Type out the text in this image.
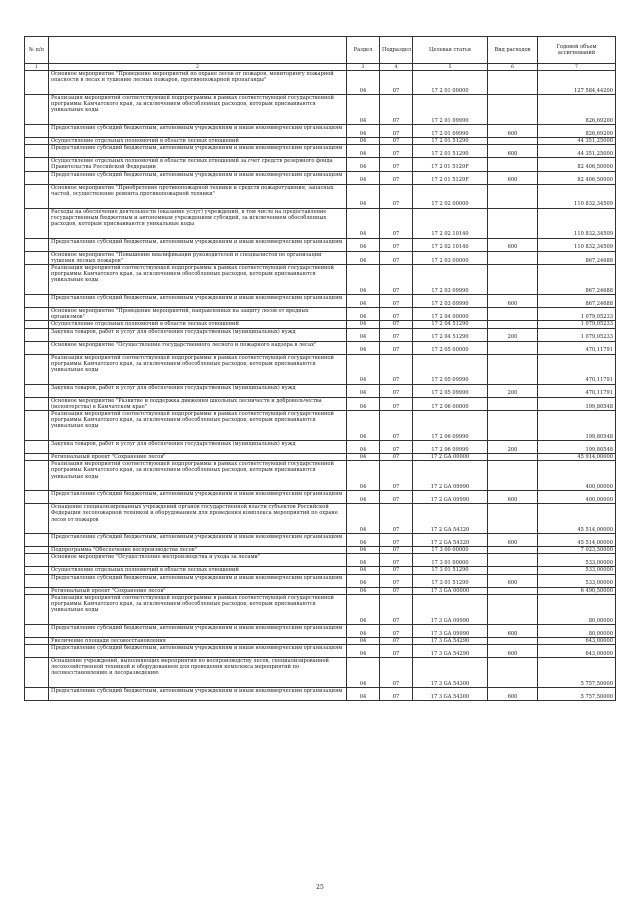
№ п/п		Раздел	Подраздел	Целевая статья	Вид расходов	Годовой объем ассигнований
1	2	3	4	5	6	7
	Основное мероприятие "Проведение мероприятий по охране лесов от пожаров, мониторингу пожарной опасности в лесах и тушению лесных пожаров, противопожарной пропаганды"	04	07	17 2 01 00000		127 584,44200
	Реализация мероприятий соответствующей подпрограммы в рамках соответствующей государственной программы Камчатского края, за исключением обособленных расходов, которым присваиваются уникальные коды	04	07	17 2 01 09990		826,69200
	Предоставление субсидий бюджетным, автономным учреждениям и иным некоммерческим организациям	04	07	17 2 01 09990	600	826,69200
	Осуществление отдельных полномочий в области лесных отношений	04	07	17 2 01 51290		44 351,25000
	Предоставление субсидий бюджетным, автономным учреждениям и иным некоммерческим организациям	04	07	17 2 01 51290	600	44 351,25000
	Осуществление отдельных полномочий в области лесных отношений за счет средств резервного фонда Правительства Российской Федерации	04	07	17 2 01 5129F		82 406,50000
	Предоставление субсидий бюджетным, автономным учреждениям и иным некоммерческим организациям	04	07	17 2 01 5129F	600	82 406,50000
	Основное мероприятие "Приобретение противопожарной техники и средств пожаротушения, запасных частей, осуществление ремонта противопожарной техники"	04	07	17 2 02 00000		110 832,34509
	Расходы на обеспечение деятельности (оказание услуг) учреждений, в том числе на предоставление государственным бюджетным и автономным учреждениям субсидий, за исключением обособленных расходов, которым присваиваются уникальные коды	04	07	17 2 02 10140		110 832,34509
	Предоставление субсидий бюджетным, автономным учреждениям и иным некоммерческим организациям	04	07	17 2 02 10140	600	110 832,34509
	Основное мероприятие "Повышение квалификации руководителей и специалистов по организации тушения лесных пожаров"	04	07	17 2 03 00000		867,24688
	Реализация мероприятий соответствующей подпрограммы в рамках соответствующей государственной программы Камчатского края, за исключением обособленных расходов, которым присваиваются уникальные коды	04	07	17 2 03 09990		867,24688
	Предоставление субсидий бюджетным, автономным учреждениям и иным некоммерческим организациям	04	07	17 2 03 09990	600	867,24688
	Основное мероприятие "Проведение мероприятий, направленных на защиту лесов от вредных организмов"	04	07	17 2 04 00000		1 079,05233
	Осуществление отдельных полномочий в области лесных отношений	04	07	17 2 04 51290		1 079,05233
	Закупка товаров, работ и услуг для обеспечения государственных (муниципальных) нужд	04	07	17 2 04 51290	200	1 079,05233
	Основное мероприятие "Осуществление государственного лесного и пожарного надзора в лесах"	04	07	17 2 05 00000		470,11791
	Реализация мероприятий соответствующей подпрограммы в рамках соответствующей государственной программы Камчатского края, за исключением обособленных расходов, которым присваиваются уникальные коды	04	07	17 2 05 09990		470,11791
	Закупка товаров, работ и услуг для обеспечения государственных (муниципальных) нужд	04	07	17 2 05 09990	200	470,11791
	Основное мероприятие "Развитие и поддержка движения школьных лесничеств и добровольчества (волонтерства) в Камчатском крае"	04	07	17 2 06 00000		199,80548
	Реализация мероприятий соответствующей подпрограммы в рамках соответствующей государственной программы Камчатского края, за исключением обособленных расходов, которым присваиваются уникальные коды	04	07	17 2 06 09990		199,80548
	Закупка товаров, работ и услуг для обеспечения государственных (муниципальных) нужд	04	07	17 2 06 09990	200	199,80548
	Региональный проект "Сохранение лесов"	04	07	17 2 GA 00000		45 914,00000
	Реализация мероприятий соответствующей подпрограммы в рамках соответствующей государственной программы Камчатского края, за исключением обособленных расходов, которым присваиваются уникальные коды	04	07	17 2 GA 09990		400,00000
	Предоставление субсидий бюджетным, автономным учреждениям и иным некоммерческим организациям	04	07	17 2 GA 09990	600	400,00000
	Оснащение специализированных учреждений органов государственной власти субъектов Российской Федерации лесопожарной техникой и оборудованием для проведения комплекса мероприятий по охране лесов от пожаров	04	07	17 2 GA 54320		45 514,00000
	Предоставление субсидий бюджетным, автономным учреждениям и иным некоммерческим организациям	04	07	17 2 GA 54320	600	45 514,00000
	Подпрограмма "Обеспечение воспроизводства лесов"	04	07	17 3 00 00000		7 023,50000
	Основное мероприятие "Осуществление воспроизводства и ухода за лесами"	04	07	17 3 01 00000		533,00000
	Осуществление отдельных полномочий в области лесных отношений	04	07	17 3 01 51290		533,00000
	Предоставление субсидий бюджетным, автономным учреждениям и иным некоммерческим организациям	04	07	17 3 01 51290	600	533,00000
	Региональный проект "Сохранение лесов"	04	07	17 3 GA 00000		6 490,50000
	Реализация мероприятий соответствующей подпрограммы в рамках соответствующей государственной программы Камчатского края, за исключением обособленных расходов, которым присваиваются уникальные коды	04	07	17 3 GA 09990		80,00000
	Предоставление субсидий бюджетным, автономным учреждениям и иным некоммерческим организациям	04	07	17 3 GA 09990	600	80,00000
	Увеличение площади лесовосстановления	04	07	17 3 GA 54290		643,00000
	Предоставление субсидий бюджетным, автономным учреждениям и иным некоммерческим организациям	04	07	17 3 GA 54290	600	643,00000
	Оснащение учреждений, выполняющих мероприятия по воспроизводству лесов, специализированной лесохозяйственной техникой и оборудованием для проведения комплекса мероприятий по лесовосстановлению и лесоразведению	04	07	17 3 GA 54300		5 757,50000
	Предоставление субсидий бюджетным, автономным учреждениям и иным некоммерческим организациям	04	07	17 3 GA 54300	600	5 757,50000
25
